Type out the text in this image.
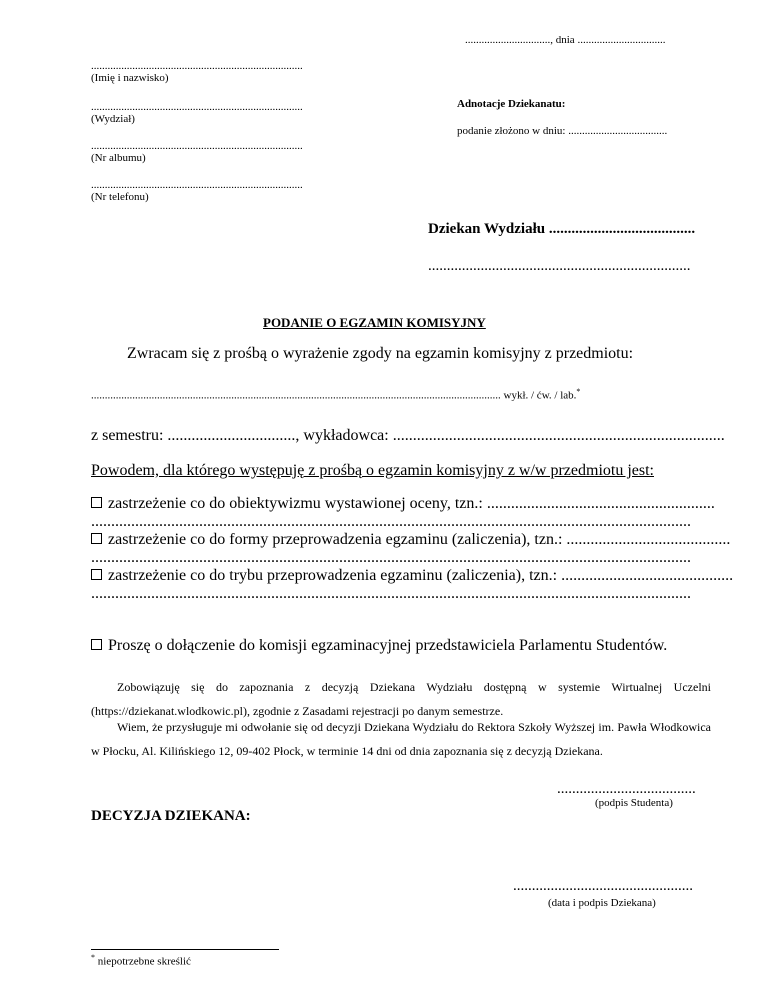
..............................., dnia ................................
.............................................................................
(Imię i nazwisko)
.............................................................................
(Wydział)
.............................................................................
(Nr albumu)
.............................................................................
(Nr telefonu)
Adnotacje Dziekanatu:
podanie złożono w dniu: ....................................
Dziekan Wydziału .......................................
......................................................................
PODANIE O EGZAMIN KOMISYJNY
Zwracam się z prośbą o wyrażenie zgody na egzamin komisyjny z przedmiotu:
..................................................................................................................................................... wykł. / ćw. / lab.*
z semestru: ................................, wykładowca: ...................................................................................
Powodem, dla którego występuję z prośbą o egzamin komisyjny z w/w przedmiotu jest:
zastrzeżenie co do obiektywizmu wystawionej oceny, tzn.: .........................................................
......................................................................................................................................................
zastrzeżenie co do formy przeprowadzenia egzaminu (zaliczenia), tzn.: .........................................
......................................................................................................................................................
zastrzeżenie co do trybu przeprowadzenia egzaminu (zaliczenia), tzn.: ...........................................
......................................................................................................................................................
Proszę o dołączenie do komisji egzaminacyjnej przedstawiciela Parlamentu Studentów.
Zobowiązuję się do zapoznania z decyzją Dziekana Wydziału dostępną w systemie Wirtualnej Uczelni (https://dziekanat.wlodkowic.pl), zgodnie z Zasadami rejestracji po danym semestrze.
Wiem, że przysługuje mi odwołanie się od decyzji Dziekana Wydziału do Rektora Szkoły Wyższej im. Pawła Włodkowica w Płocku, Al. Kilińskiego 12, 09-402 Płock, w terminie 14 dni od dnia zapoznania się z decyzją Dziekana.
.....................................
(podpis Studenta)
DECYZJA DZIEKANA:
................................................
(data i podpis Dziekana)
* niepotrzebne skreślić
